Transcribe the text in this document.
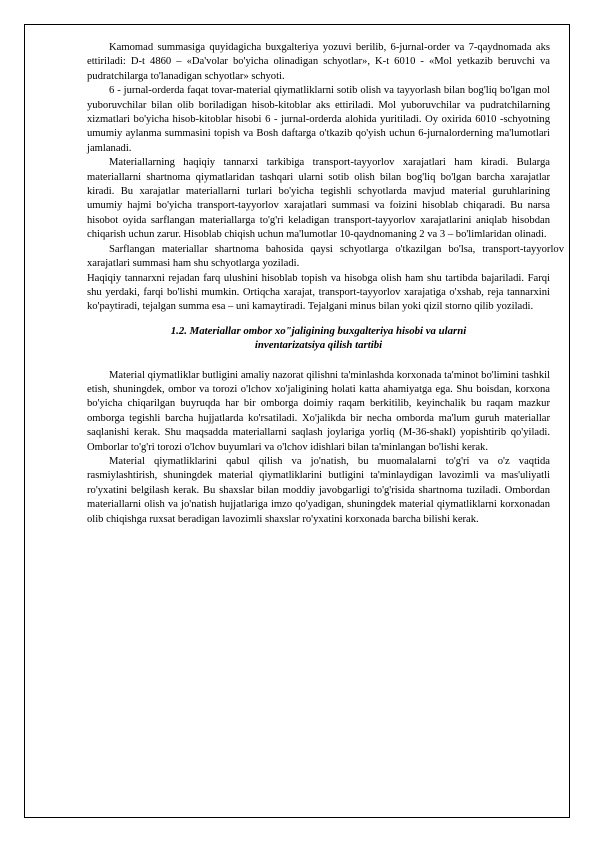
Kamomad summasiga quyidagicha buxgalteriya yozuvi berilib, 6-jurnal-order va 7-qaydnomada aks ettiriladi: D-t 4860 – «Da'volar bo'yicha olinadigan schyotlar», K-t 6010 - «Mol yetkazib beruvchi va pudratchilarga to'lanadigan schyotlar» schyoti.

6 - jurnal-orderda faqat tovar-material qiymatliklarni sotib olish va tayyorlash bilan bog'liq bo'lgan mol yuboruvchilar bilan olib boriladigan hisob-kitoblar aks ettiriladi. Mol yuboruvchilar va pudratchilarning xizmatlari bo'yicha hisob-kitoblar hisobi 6 - jurnal-orderda alohida yuritiladi. Oy oxirida 6010 -schyotning umumiy aylanma summasini topish va Bosh daftarga o'tkazib qo'yish uchun 6-jurnalorderning ma'lumotlari jamlanadi.

Materiallarning haqiqiy tannarxi tarkibiga transport-tayyorlov xarajatlari ham kiradi. Bularga materiallarni shartnoma qiymatlaridan tashqari ularni sotib olish bilan bog'liq bo'lgan barcha xarajatlar kiradi. Bu xarajatlar materiallarni turlari bo'yicha tegishli schyotlarda mavjud material guruhlarining umumiy hajmi bo'yicha transport-tayyorlov xarajatlari summasi va foizini hisoblab chiqaradi. Bu narsa hisobot oyida sarflangan materiallarga to'g'ri keladigan transport-tayyorlov xarajatlarini aniqlab hisobdan chiqarish uchun zarur. Hisoblab chiqish uchun ma'lumotlar 10-qaydnomaning 2 va 3 – bo'limlaridan olinadi.

Sarflangan materiallar shartnoma bahosida qaysi schyotlarga o'tkazilgan bo'lsa, transport-tayyorlov xarajatlari summasi ham shu schyotlarga yoziladi.

Haqiqiy tannarxni rejadan farq ulushini hisoblab topish va hisobga olish ham shu tartibda bajariladi. Farqi shu yerdaki, farqi bo'lishi mumkin. Ortiqcha xarajat, transport-tayyorlov xarajatiga o'xshab, reja tannarxini ko'paytiradi, tejalgan summa esa – uni kamaytiradi. Tejalgani minus bilan yoki qizil storno qilib yoziladi.

1.2. Materiallar ombor xo"jaligining buxgalteriya hisobi va ularni
inventarizatsiya qilish tartibi

Material qiymatliklar butligini amaliy nazorat qilishni ta'minlashda korxonada ta'minot bo'limini tashkil etish, shuningdek, ombor va torozi o'lchov xo'jaligining holati katta ahamiyatga ega. Shu boisdan, korxona bo'yicha chiqarilgan buyruqda har bir omborga doimiy raqam berkitilib, keyinchalik bu raqam mazkur omborga tegishli barcha hujjatlarda ko'rsatiladi. Xo'jalikda bir necha omborda ma'lum guruh materiallar saqlanishi kerak. Shu maqsadda materiallarni saqlash joylariga yorliq (M-36-shakl) yopishtirib qo'yiladi. Omborlar to'g'ri torozi o'lchov buyumlari va o'lchov idishlari bilan ta'minlangan bo'lishi kerak.

Material qiymatliklarini qabul qilish va jo'natish, bu muomalalarni to'g'ri va o'z vaqtida rasmiylashtirish, shuningdek material qiymatliklarini butligini ta'minlaydigan lavozimli va mas'uliyatli ro'yxatini belgilash kerak. Bu shaxslar bilan moddiy javobgarligi to'g'risida shartnoma tuziladi. Ombordan materiallarni olish va jo'natish hujjatlariga imzo qo'yadigan, shuningdek material qiymatliklarni korxonadan olib chiqishga ruxsat beradigan lavozimli shaxslar ro'yxatini korxonada barcha bilishi kerak.
